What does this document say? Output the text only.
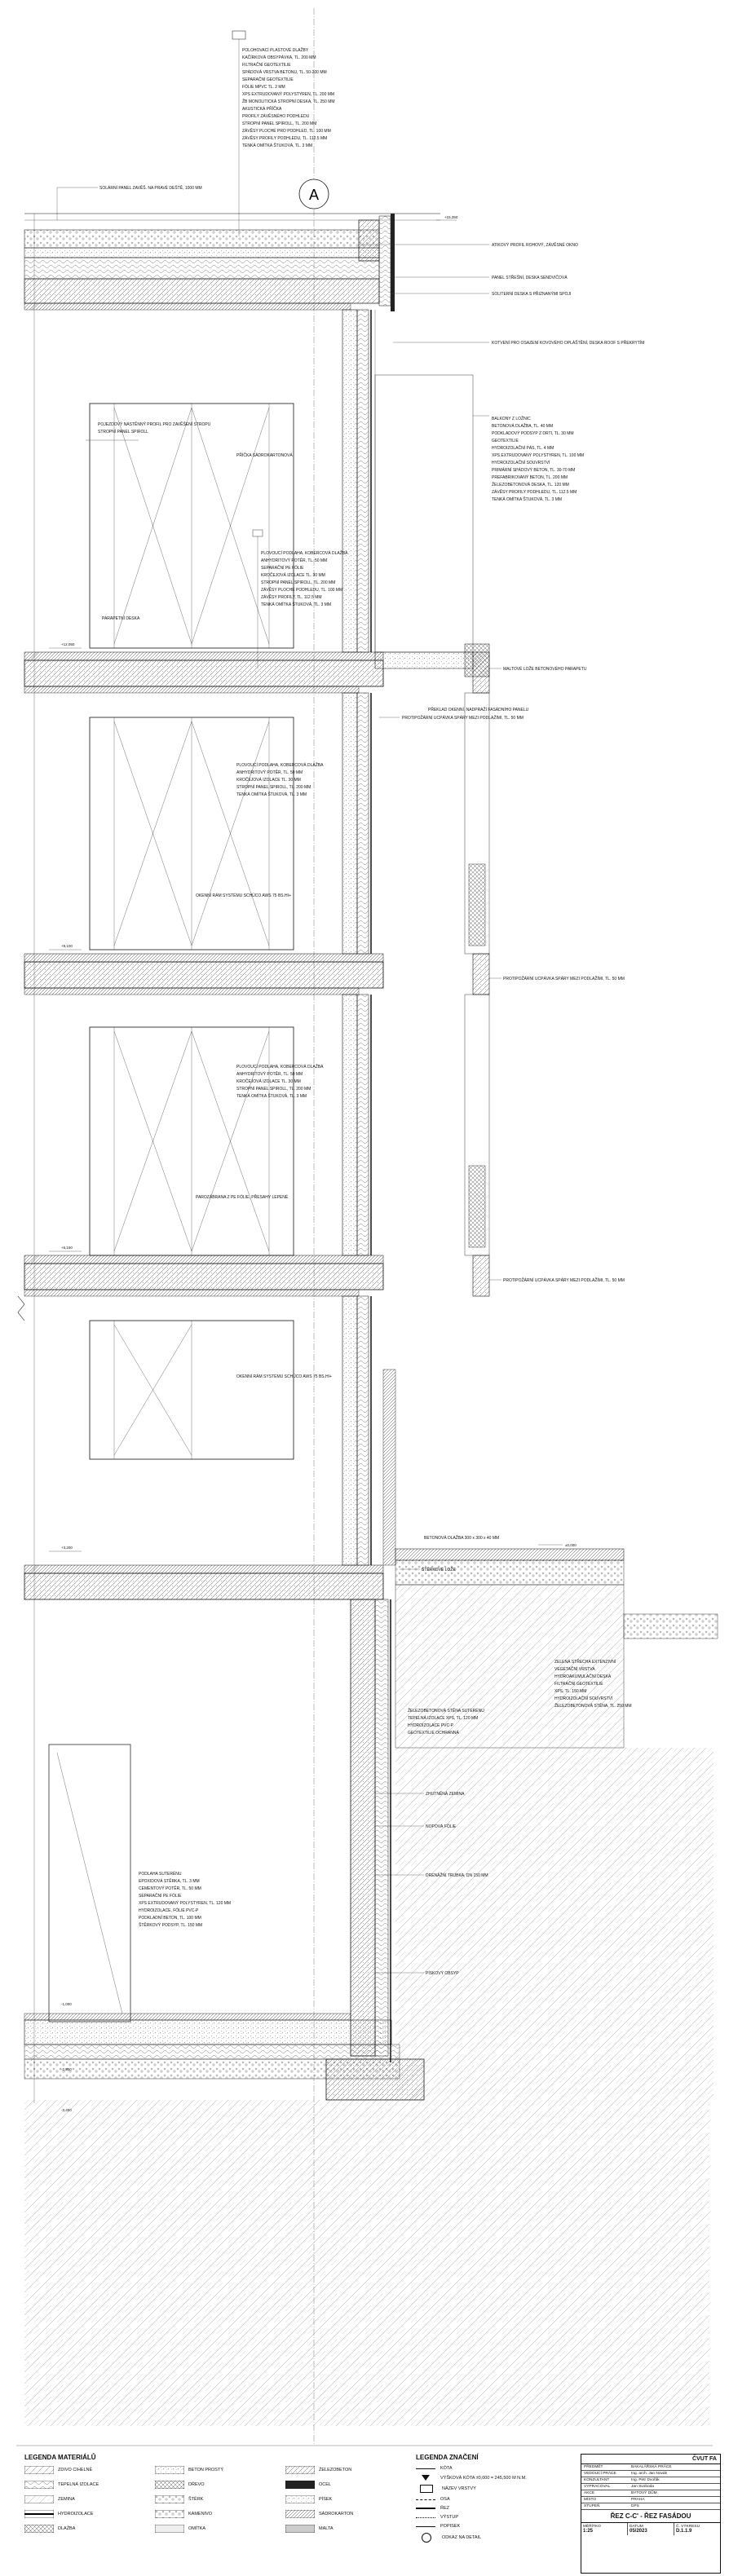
A
POLOHOVACÍ PLASTOVÉ DLAŽBY
KAČÍRKOVÁ OBSYPÁVKA, TL. 200 MM
FILTRAČNÍ GEOTEXTILIE
SPÁDOVÁ VRSTVA BETONU, TL. 50-200 MM
SEPARAČNÍ GEOTEXTILIE
FÓLIE MPVC TL. 2 MM
XPS EXTRUDOVANÝ POLYSTYREN, TL. 200 MM
ŽB MONOLITICKÁ STROPNÍ DESKA, TL. 250 MM
AKUSTICKÁ PŘÍČKA
PROFILY ZÁVĚSNÉHO PODHLEDU
STROPNÍ PANEL SPIROLL, TL. 200 MM
ZÁVĚSY PLOCHÉ PRO PODHLED, TL. 100 MM
ZÁVĚSY PROFILY PODHLEDU, TL. 112.5 MM
TENKÁ OMÍTKA ŠTUKOVÁ, TL. 3 MM
SOLÁRNÍ PANEL ZAVĚŠ. NA PRAVÉ DEŠTĚ, 1000 MM
+15,350
ATIKOVÝ PROFIL ROHOVÝ, ZÁVĚSNÉ OKNO
PANEL STŘEŠNÍ, DESKA SENDVIČOVÁ
SOLITERNÍ DESKA S PŘIZNANÝMI SPOJI
KOTVENÍ PRO OSAZENÍ KOVOVÉHO OPLÁŠTĚNÍ, DESKA ROOF S PŘEKRYTÍM
POJEZDOVÝ NÁSTĚNNÝ PROFIL PRO ZAVĚŠENÍ STROPU
STROPNÍ PANEL SPIROLL
PARAPETNÍ DESKA
PŘÍČKA SÁDROKARTONOVÁ
PLOVOUCÍ PODLAHA, KOBERCOVÁ DLAŽBA
ANHYDRITOVÝ POTĚR, TL. 50 MM
SEPARAČNÍ PE FÓLIE
KROČEJOVÁ IZOLACE TL. 30 MM
STROPNÍ PANEL SPIROLL, TL. 200 MM
ZÁVĚSY PLOCHÉ PODHLEDU, TL. 100 MM
ZÁVĚSY PROFILY, TL. 112.5 MM
TENKÁ OMÍTKA ŠTUKOVÁ, TL. 3 MM
BALKONY Z LOŽNIC
BETONOVÁ DLAŽBA, TL. 40 MM
PODKLADOVÝ PODSYP Z DRTI, TL. 30 MM
GEOTEXTILIE
HYDROIZOLAČNÍ PÁS, TL. 4 MM
XPS EXTRUDOVANÝ POLYSTYREN, TL. 100 MM
HYDROIZOLAČNÍ SOUVRSTVÍ
PRIMÁRNÍ SPÁDOVÝ BETON, TL. 30-70 MM
PREFABRIKOVANÝ BETON, TL. 200 MM
ŽELEZOBETONOVÁ DESKA, TL. 120 MM
ZÁVĚSY PROFILY PODHLEDU, TL. 112.5 MM
TENKÁ OMÍTKA ŠTUKOVÁ, TL. 3 MM
+12,050
MALTOVÉ LOŽE BETONOVÉHO PARAPETU
PROTIPOŽÁRNÍ UCPÁVKA SPÁRY MEZI PODLAŽÍMI, TL. 50 MM
PŘEKLAD OKENNÍ, NADPRAŽÍ FASÁDNÍHO PANELU
PLOVOUCÍ PODLAHA, KOBERCOVÁ DLAŽBA
ANHYDRITOVÝ POTĚR, TL. 50 MM
KROČEJOVÁ IZOLACE TL. 30 MM
STROPNÍ PANEL SPIROLL, TL. 200 MM
TENKÁ OMÍTKA ŠTUKOVÁ, TL. 3 MM
OKENNÍ RÁM SYSTÉMU SCHÜCO AWS 75 BS.HI+
+9,100
PROTIPOŽÁRNÍ UCPÁVKA SPÁRY MEZI PODLAŽÍMI, TL. 50 MM
PLOVOUCÍ PODLAHA, KOBERCOVÁ DLAŽBA
ANHYDRITOVÝ POTĚR, TL. 50 MM
KROČEJOVÁ IZOLACE TL. 30 MM
STROPNÍ PANEL SPIROLL, TL. 200 MM
TENKÁ OMÍTKA ŠTUKOVÁ, TL. 3 MM
PAROZÁBRANA Z PE FÓLIE, PŘESAHY LEPENÉ
+6,150
PROTIPOŽÁRNÍ UCPÁVKA SPÁRY MEZI PODLAŽÍMI, TL. 50 MM
OKENNÍ RÁM SYSTÉMU SCHÜCO AWS 75 BS.HI+
+3,200
±0,000
BETONOVÁ DLAŽBA 300 x 300 x 40 MM
ŠTĚRKOVÉ LOŽE
ZELENÁ STŘECHA EXTENZIVNÍ
VEGETAČNÍ VRSTVA
HYDROAKUMULAČNÍ DESKA
FILTRAČNÍ GEOTEXTILIE
XPS, TL. 150 MM
HYDROIZOLAČNÍ SOUVRSTVÍ
ŽELEZOBETONOVÁ STĚNA, TL. 250 MM
-1,000
-2,800
PODLAHA SUTERÉNU
EPOXIDOVÁ STĚRKA, TL. 3 MM
CEMENTOVÝ POTĚR, TL. 50 MM
SEPARAČNÍ PE FÓLIE
XPS EXTRUDOVANÝ POLYSTYREN, TL. 120 MM
HYDROIZOLACE, FÓLIE PVC-P
PODKLADNÍ BETON, TL. 100 MM
ŠTĚRKOVÝ PODSYP, TL. 150 MM
ŽELEZOBETONOVÁ STĚNA SUTERÉNU
TEPELNÁ IZOLACE XPS, TL. 120 MM
HYDROIZOLACE PVC-P
GEOTEXTILIE OCHRANNÁ
LEGENDA MATERIÁLŮ
ZDIVO CIHELNÉ	BETON PROSTÝ	ŽELEZOBETON
TEPELNÁ IZOLACE	DŘEVO	OCEL
ZEMINA	ŠTĚRK	PÍSEK
HYDROIZOLACE	KAMENIVO	SÁDROKARTON
DLAŽBA	OMÍTKA	MALTA
LEGENDA ZNAČENÍ
KÓTA
VÝŠKOVÁ KÓTA ±0,000 = 245,500 M N.M.
NÁZEV VRSTVY
OSA
ŘEZ
VÝSTUP
POPISEK
ODKAZ NA DETAIL
ČVUT FA
PŘEDMĚT	BAKALÁŘSKÁ PRÁCE
VEDOUCÍ PRÁCE	Ing. arch. Jan Novák
KONZULTANT	Ing. Petr Dvořák
VYPRACOVAL	Jan Svoboda
AKCE	BYTOVÝ DŮM
MÍSTO	PRAHA
STUPEŇ	DPS
ŘEZ C-C' - ŘEZ FASÁDOU
MĚŘÍTKO
1:25
DATUM
05/2023
Č. VÝKRESU
D.1.1.9
